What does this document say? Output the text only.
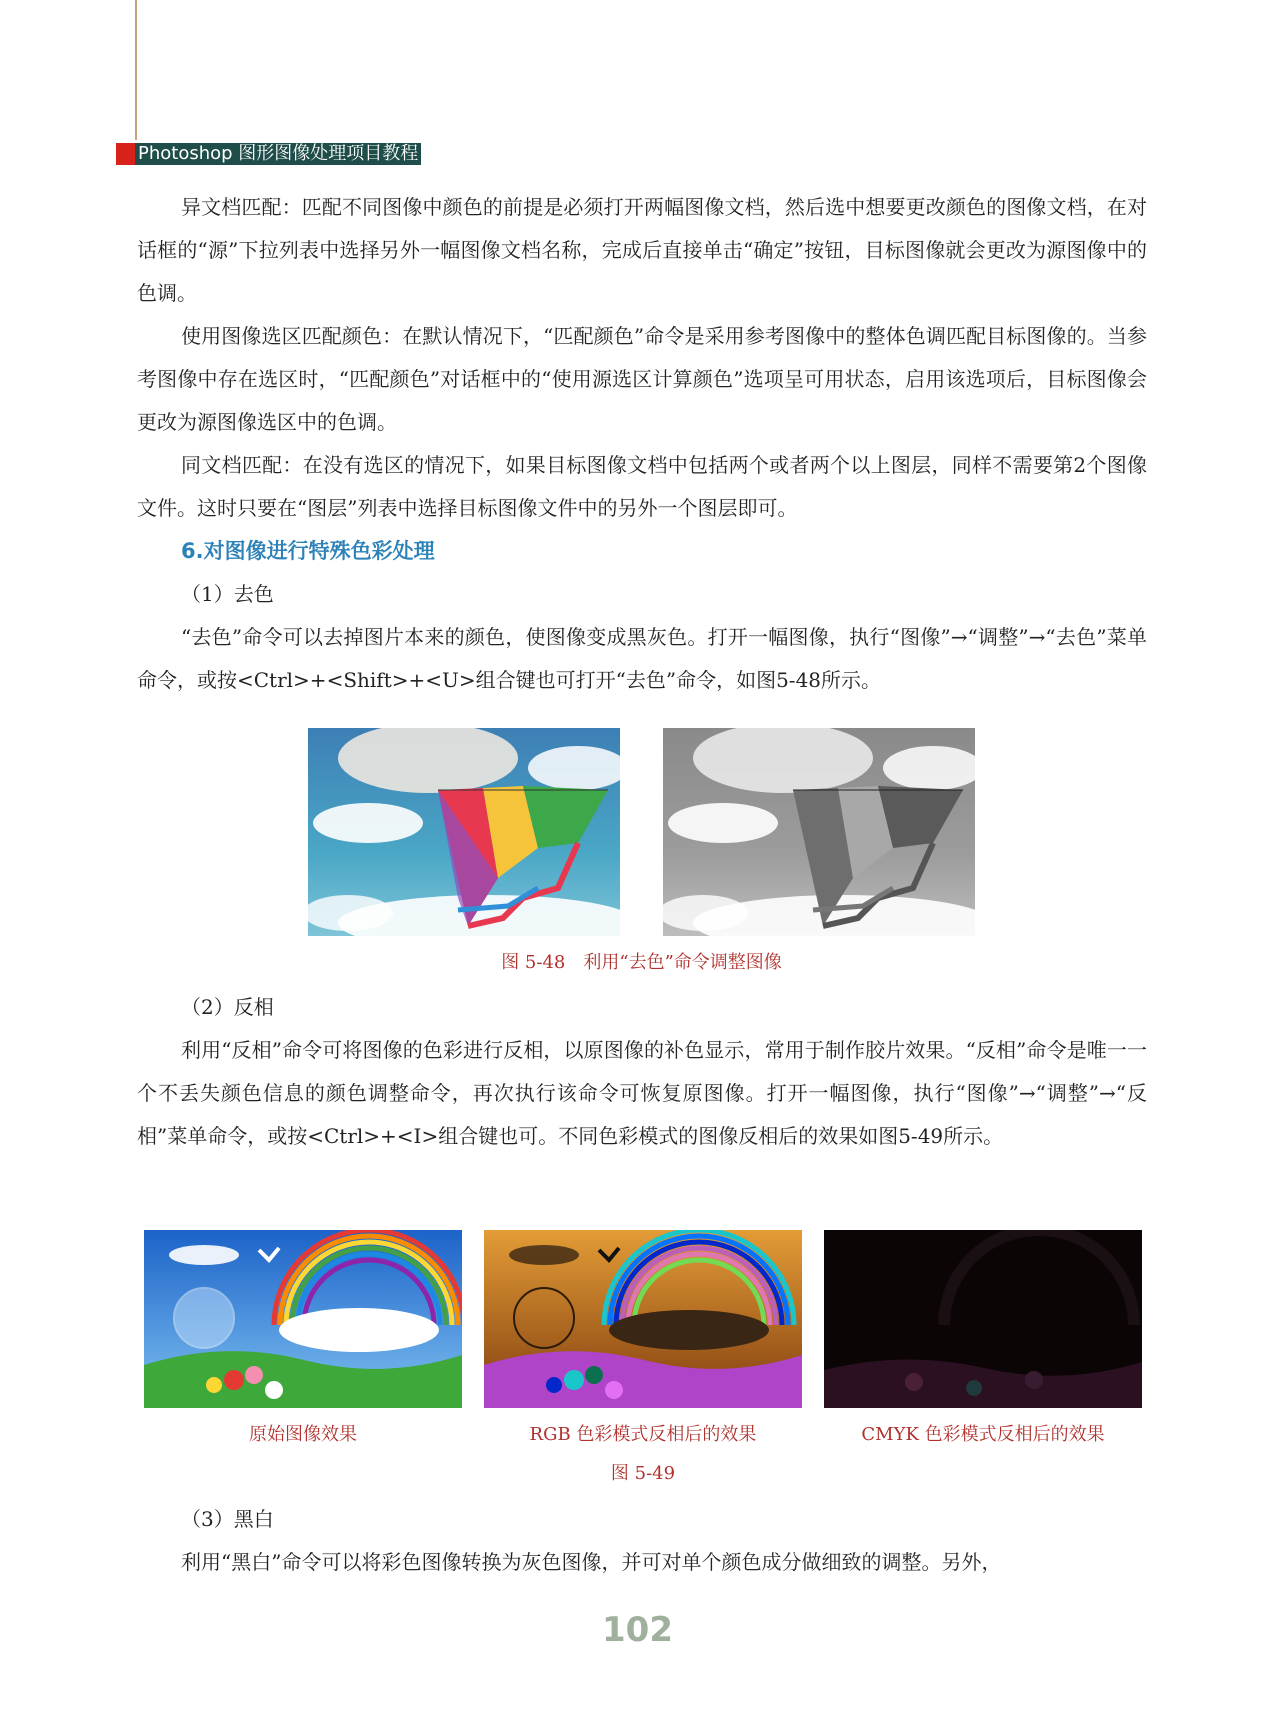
Photoshop 图形图像处理项目教程

异文档匹配：匹配不同图像中颜色的前提是必须打开两幅图像文档，然后选中想要更改颜色的图像文档，在对话框的“源”下拉列表中选择另外一幅图像文档名称，完成后直接单击“确定”按钮，目标图像就会更改为源图像中的色调。

使用图像选区匹配颜色：在默认情况下，“匹配颜色”命令是采用参考图像中的整体色调匹配目标图像的。当参考图像中存在选区时，“匹配颜色”对话框中的“使用源选区计算颜色”选项呈可用状态，启用该选项后，目标图像会更改为源图像选区中的色调。

同文档匹配：在没有选区的情况下，如果目标图像文档中包括两个或者两个以上图层，同样不需要第2个图像文件。这时只要在“图层”列表中选择目标图像文件中的另外一个图层即可。

6.对图像进行特殊色彩处理

（1）去色

“去色”命令可以去掉图片本来的颜色，使图像变成黑灰色。打开一幅图像，执行“图像”→“调整”→“去色”菜单命令，或按<Ctrl>+<Shift>+<U>组合键也可打开“去色”命令，如图5-48所示。

图 5-48　利用“去色”命令调整图像

（2）反相

利用“反相”命令可将图像的色彩进行反相，以原图像的补色显示，常用于制作胶片效果。“反相”命令是唯一一个不丢失颜色信息的颜色调整命令，再次执行该命令可恢复原图像。打开一幅图像，执行“图像”→“调整”→“反相”菜单命令，或按<Ctrl>+<I>组合键也可。不同色彩模式的图像反相后的效果如图5-49所示。

原始图像效果	RGB 色彩模式反相后的效果	CMYK 色彩模式反相后的效果
图 5-49

（3）黑白

利用“黑白”命令可以将彩色图像转换为灰色图像，并可对单个颜色成分做细致的调整。另外，

102
